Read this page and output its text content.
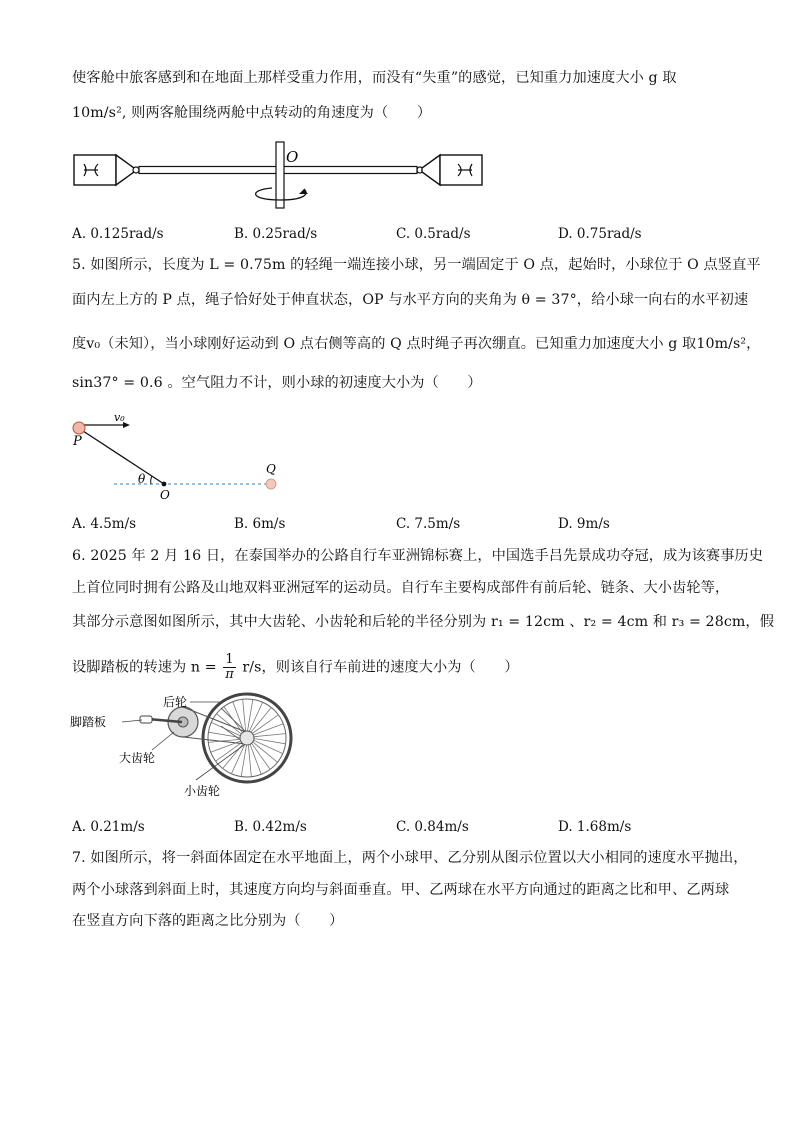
使客舱中旅客感到和在地面上那样受重力作用，而没有“失重”的感觉，已知重力加速度大小 g 取
10m/s², 则两客舱围绕两舱中点转动的角速度为（　　）
O
A. 0.125rad/s	B. 0.25rad/s	C. 0.5rad/s	D. 0.75rad/s
5. 如图所示，长度为 L = 0.75m 的轻绳一端连接小球，另一端固定于 O 点，起始时，小球位于 O 点竖直平
面内左上方的 P 点，绳子恰好处于伸直状态，OP 与水平方向的夹角为 θ = 37°，给小球一向右的水平初速
度v₀（未知），当小球刚好运动到 O 点右侧等高的 Q 点时绳子再次绷直。已知重力加速度大小 g 取10m/s²，
sin37° = 0.6 。空气阻力不计，则小球的初速度大小为（　　）
v₀
P
θ
O
Q
A. 4.5m/s	B. 6m/s	C. 7.5m/s	D. 9m/s
6. 2025 年 2 月 16 日，在泰国举办的公路自行车亚洲锦标赛上，中国选手吕先景成功夺冠，成为该赛事历史
上首位同时拥有公路及山地双料亚洲冠军的运动员。自行车主要构成部件有前后轮、链条、大小齿轮等，
其部分示意图如图所示，其中大齿轮、小齿轮和后轮的半径分别为 r₁ = 12cm 、r₂ = 4cm 和 r₃ = 28cm，假
设脚踏板的转速为 $n = \frac{1}{\pi} r/s$，则该自行车前进的速度大小为（　　）
后轮
脚踏板
大齿轮
小齿轮
A. 0.21m/s	B. 0.42m/s	C. 0.84m/s	D. 1.68m/s
7. 如图所示，将一斜面体固定在水平地面上，两个小球甲、乙分别从图示位置以大小相同的速度水平抛出，
两个小球落到斜面上时，其速度方向均与斜面垂直。甲、乙两球在水平方向通过的距离之比和甲、乙两球
在竖直方向下落的距离之比分别为（　　）
